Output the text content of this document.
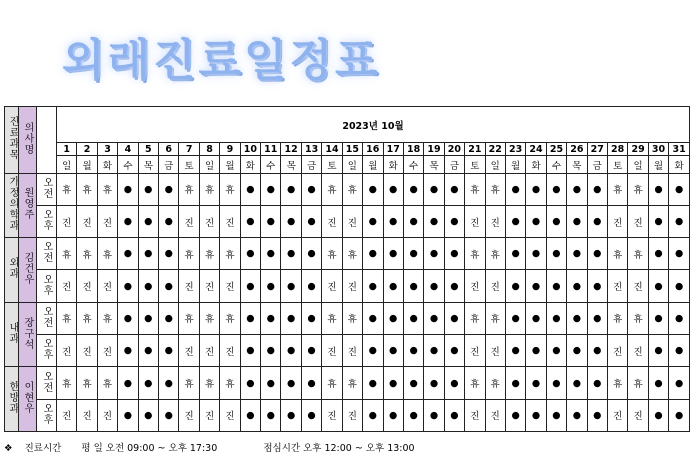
외래진료일정표
진료과목	의사명		2023년 10월																														
			1	2	3	4	5	6	7	8	9	10	11	12	13	14	15	16	17	18	19	20	21	22	23	24	25	26	27	28	29	30	31
			일	월	화	수	목	금	토	일	월	화	수	목	금	토	일	월	화	수	목	금	토	일	월	화	수	목	금	토	일	월	화
가정의학과	원영주	오전	휴	휴	휴	●	●	●	휴	휴	휴	●	●	●	●	휴	휴	●	●	●	●	●	휴	휴	●	●	●	●	●	휴	휴	●	●
		오후	진	진	진	●	●	●	진	진	진	●	●	●	●	진	진	●	●	●	●	●	진	진	●	●	●	●	●	진	진	●	●
외과	김건우	오전	휴	휴	휴	●	●	●	휴	휴	휴	●	●	●	●	휴	휴	●	●	●	●	●	휴	휴	●	●	●	●	●	휴	휴	●	●
		오후	진	진	진	●	●	●	진	진	진	●	●	●	●	진	진	●	●	●	●	●	진	진	●	●	●	●	●	진	진	●	●
내과	장구석	오전	휴	휴	휴	●	●	●	휴	휴	휴	●	●	●	●	휴	휴	●	●	●	●	●	휴	휴	●	●	●	●	●	휴	휴	●	●
		오후	진	진	진	●	●	●	진	진	진	●	●	●	●	진	진	●	●	●	●	●	진	진	●	●	●	●	●	진	진	●	●
한방과	이현우	오전	휴	휴	휴	●	●	●	휴	휴	휴	●	●	●	●	휴	휴	●	●	●	●	●	휴	휴	●	●	●	●	●	휴	휴	●	●
		오후	진	진	진	●	●	●	진	진	진	●	●	●	●	진	진	●	●	●	●	●	진	진	●	●	●	●	●	진	진	●	●
❖ 진료시간 평 일 오전 09:00 ~ 오후 17:30	점심시간 오후 12:00 ~ 오후 13:00
